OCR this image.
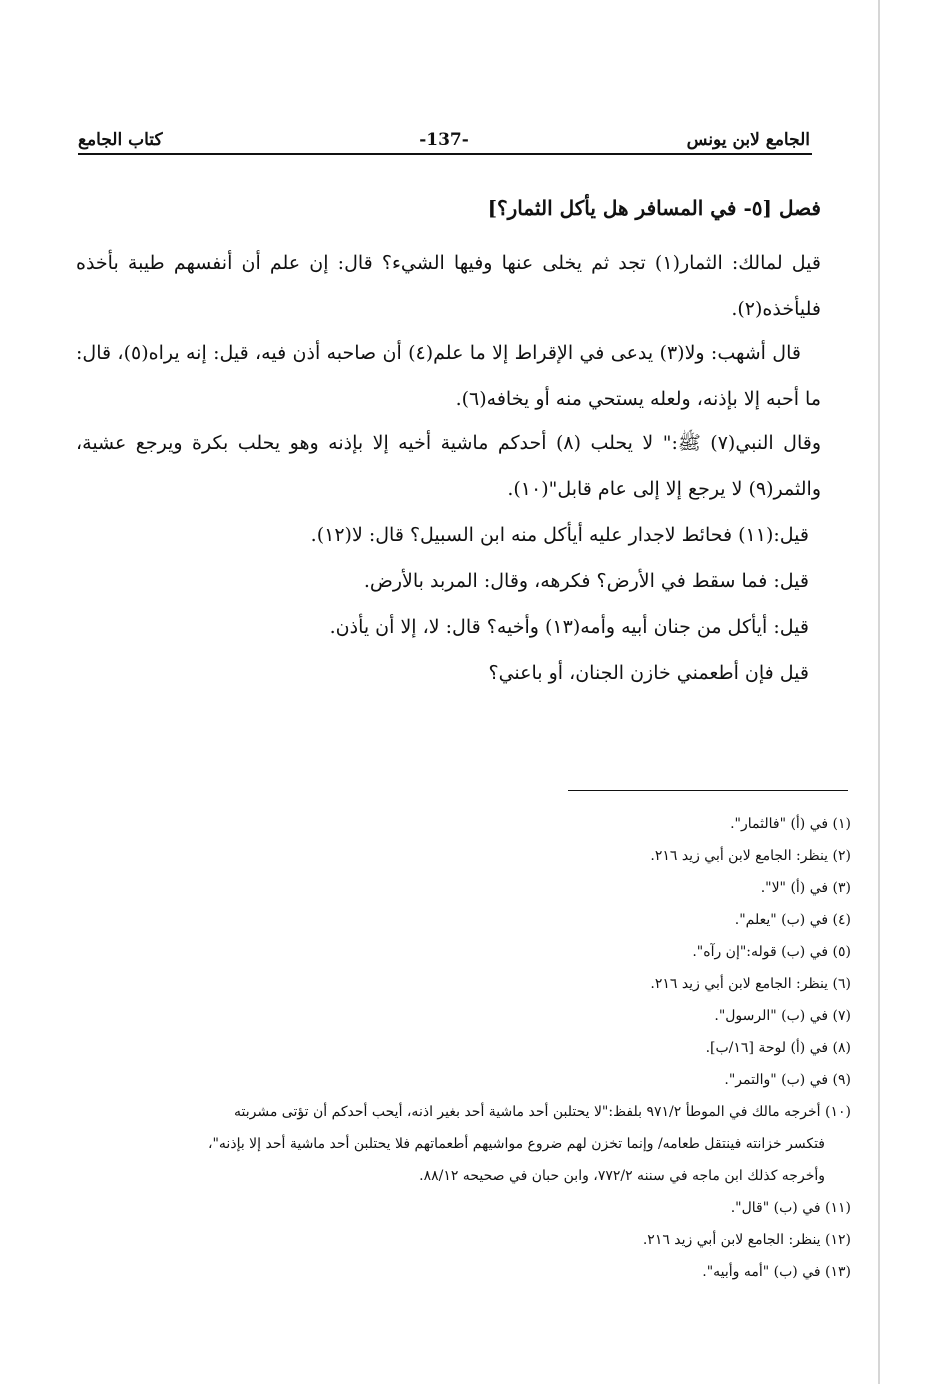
الجامع لابن يونس
-137-
كتاب الجامع
فصل [٥- في المسافر هل يأكل الثمار؟]
قيل لمالك: الثمار(١) تجد ثم يخلى عنها وفيها الشيء؟ قال: إن علم أن أنفسهم طيبة بأخذه فليأخذه(٢).
قال أشهب: ولا(٣) يدعى في الإقراط إلا ما علم(٤) أن صاحبه أذن فيه، قيل: إنه يراه(٥)، قال: ما أحبه إلا بإذنه، ولعله يستحي منه أو يخافه(٦).
وقال النبي(٧) ﷺ:" لا يحلب (٨) أحدكم ماشية أخيه إلا بإذنه وهو يحلب بكرة ويرجع عشية، والثمر(٩) لا يرجع إلا إلى عام قابل"(١٠).
قيل:(١١) فحائط لاجدار عليه أيأكل منه ابن السبيل؟ قال: لا(١٢).
قيل: فما سقط في الأرض؟ فكرهه، وقال: المربد بالأرض.
قيل: أيأكل من جنان أبيه وأمه(١٣) وأخيه؟ قال: لا، إلا أن يأذن.
قيل فإن أطعمني خازن الجنان، أو باعني؟
(١) في (أ) "فالثمار".
(٢) ينظر: الجامع لابن أبي زيد ٢١٦.
(٣) في (أ) "لا".
(٤) في (ب) "يعلم".
(٥) في (ب) قوله:"إن رآه".
(٦) ينظر: الجامع لابن أبي زيد ٢١٦.
(٧) في (ب) "الرسول".
(٨) في (أ) لوحة [١٦/ب].
(٩) في (ب) "والتمر".
(١٠) أخرجه مالك في الموطأ ٩٧١/٢ بلفظ:"لا يحتلبن أحد ماشية أحد بغير اذنه، أيحب أحدكم أن تؤتى مشربته
فتكسر خزانته فينتقل طعامه/ وإنما تخزن لهم ضروع مواشيهم أطعماتهم فلا يحتلبن أحد ماشية أحد إلا بإذنه"،
وأخرجه كذلك ابن ماجه في سننه ٧٧٢/٢، وابن حبان في صحيحه ٨٨/١٢.
(١١) في (ب) "قال".
(١٢) ينظر: الجامع لابن أبي زيد ٢١٦.
(١٣) في (ب) "أمه وأبيه".
